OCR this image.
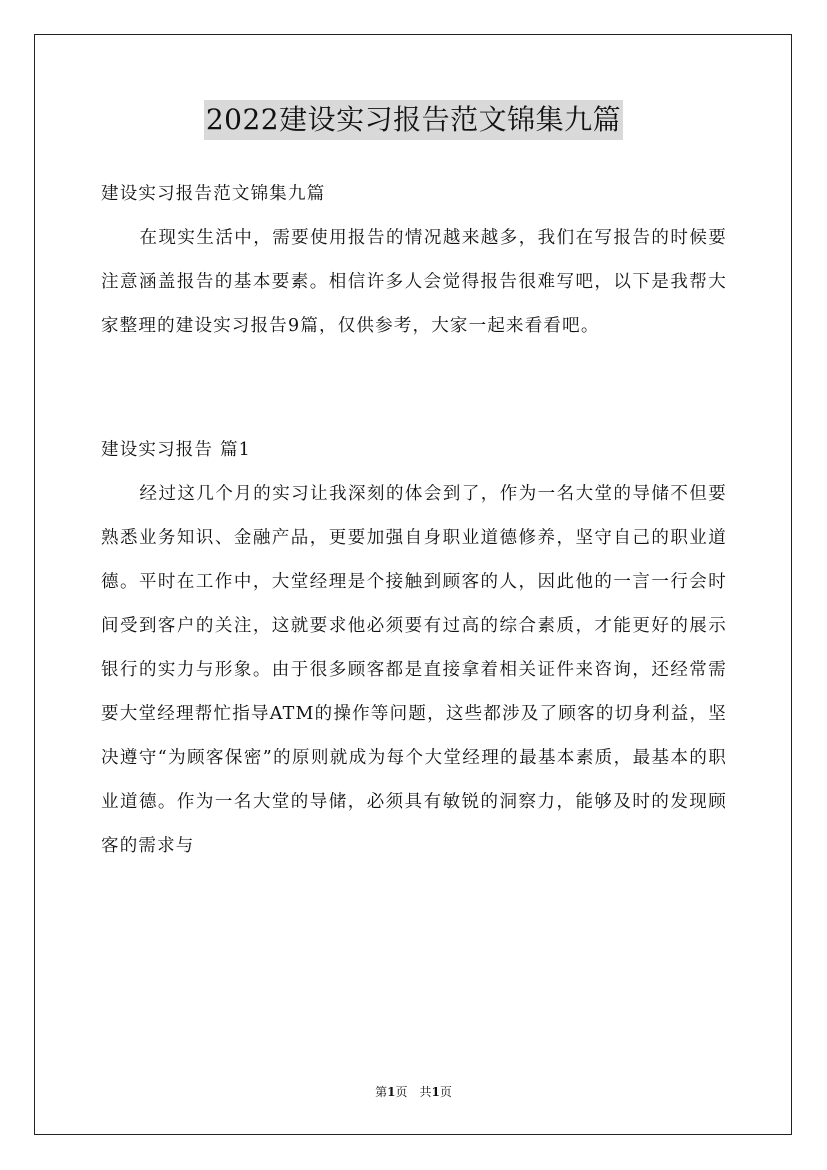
2022建设实习报告范文锦集九篇

建设实习报告范文锦集九篇

在现实生活中，需要使用报告的情况越来越多，我们在写报告的时候要注意涵盖报告的基本要素。相信许多人会觉得报告很难写吧，以下是我帮大家整理的建设实习报告9篇，仅供参考，大家一起来看看吧。

建设实习报告 篇1

经过这几个月的实习让我深刻的体会到了，作为一名大堂的导储不但要熟悉业务知识、金融产品，更要加强自身职业道德修养，坚守自己的职业道德。平时在工作中，大堂经理是个接触到顾客的人，因此他的一言一行会时间受到客户的关注，这就要求他必须要有过高的综合素质，才能更好的展示银行的实力与形象。由于很多顾客都是直接拿着相关证件来咨询，还经常需要大堂经理帮忙指导ATM的操作等问题，这些都涉及了顾客的切身利益，坚决遵守“为顾客保密”的原则就成为每个大堂经理的最基本素质，最基本的职业道德。作为一名大堂的导储，必须具有敏锐的洞察力，能够及时的发现顾客的需求与

第1页　共1页
